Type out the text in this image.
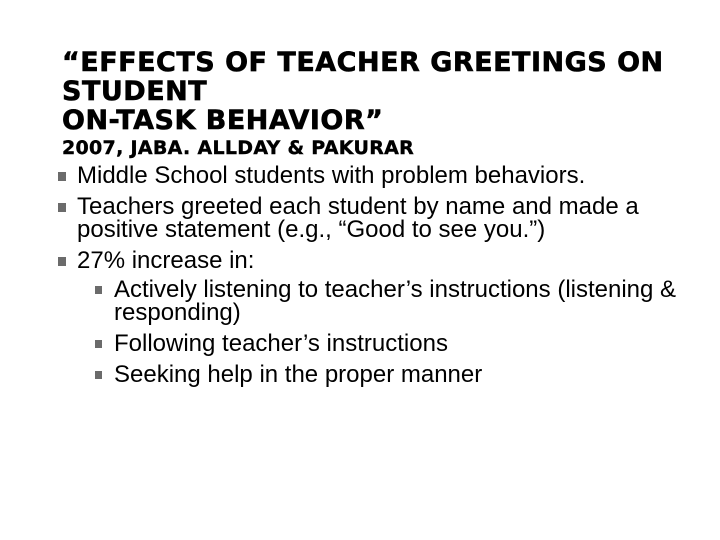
“EFFECTS OF TEACHER GREETINGS ON
STUDENT
ON-TASK BEHAVIOR”
2007, JABA. ALLDAY & PAKURAR
Middle School students with problem behaviors.
Teachers greeted each student by name and made a positive statement (e.g., “Good to see you.”)
27% increase in:
Actively listening to teacher’s instructions (listening & responding)
Following teacher’s instructions
Seeking help in the proper manner
